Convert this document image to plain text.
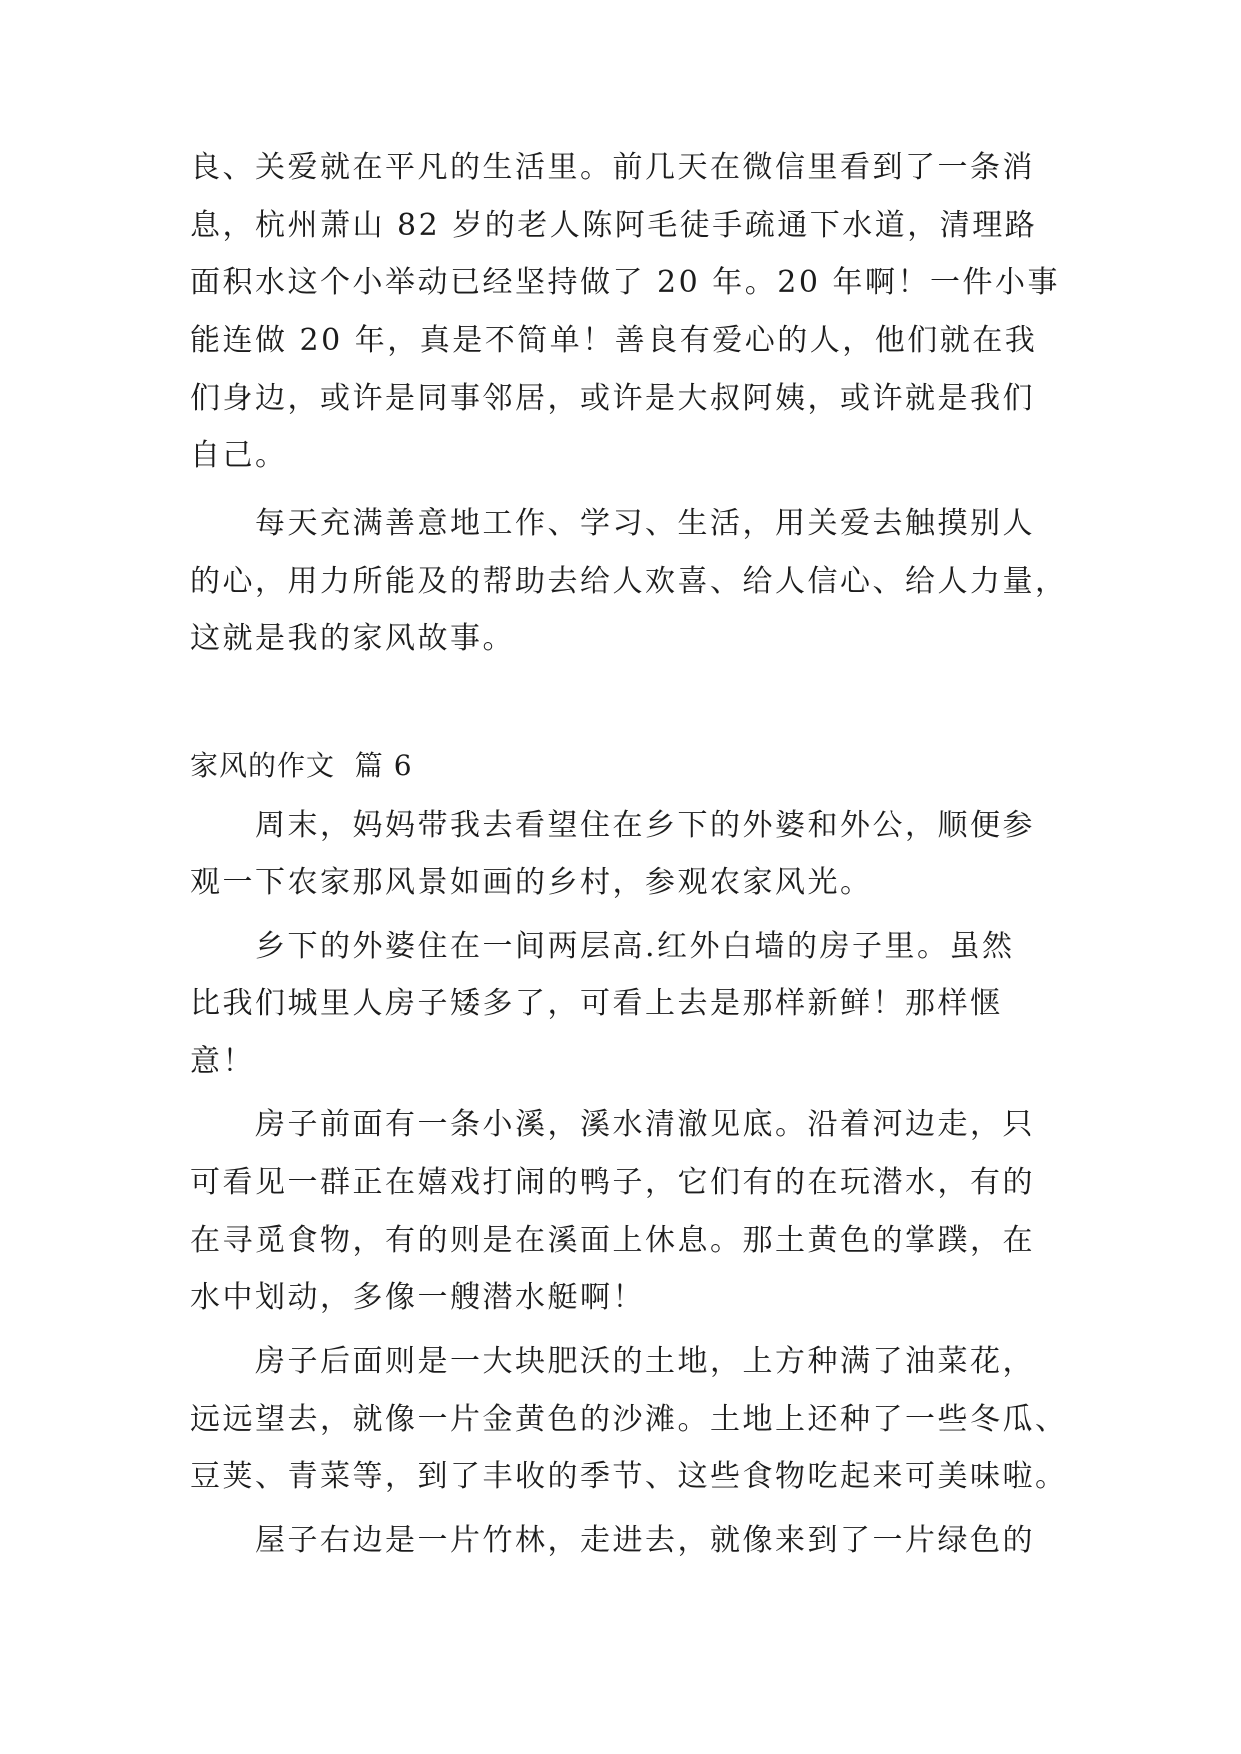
良、关爱就在平凡的生活里。前几天在微信里看到了一条消
息，杭州萧山 82 岁的老人陈阿毛徒手疏通下水道，清理路
面积水这个小举动已经坚持做了 20 年。20 年啊！一件小事
能连做 20 年，真是不简单！善良有爱心的人，他们就在我
们身边，或许是同事邻居，或许是大叔阿姨，或许就是我们
自己。
每天充满善意地工作、学习、生活，用关爱去触摸别人
的心，用力所能及的帮助去给人欢喜、给人信心、给人力量，
这就是我的家风故事。
家风的作文  篇 6
周末，妈妈带我去看望住在乡下的外婆和外公，顺便参
观一下农家那风景如画的乡村，参观农家风光。
乡下的外婆住在一间两层高.红外白墙的房子里。虽然
比我们城里人房子矮多了，可看上去是那样新鲜！那样惬
意！
房子前面有一条小溪，溪水清澈见底。沿着河边走，只
可看见一群正在嬉戏打闹的鸭子，它们有的在玩潜水，有的
在寻觅食物，有的则是在溪面上休息。那土黄色的掌蹼，在
水中划动，多像一艘潜水艇啊！
房子后面则是一大块肥沃的土地，上方种满了油菜花，
远远望去，就像一片金黄色的沙滩。土地上还种了一些冬瓜、
豆荚、青菜等，到了丰收的季节、这些食物吃起来可美味啦。
屋子右边是一片竹林，走进去，就像来到了一片绿色的
